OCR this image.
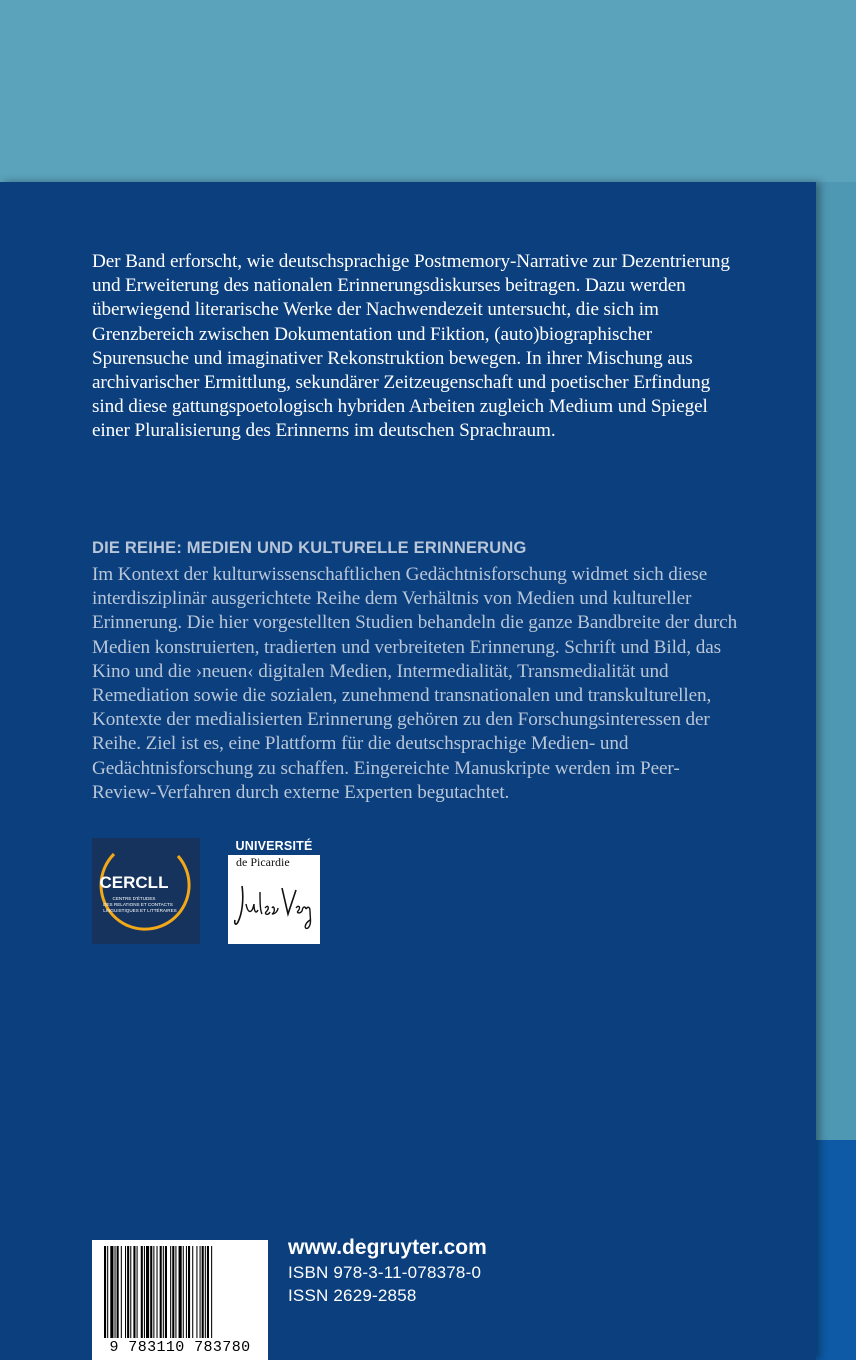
Der Band erforscht, wie deutschsprachige Postmemory-Narrative zur Dezentrierung und Erweiterung des nationalen Erinnerungsdiskurses beitragen. Dazu werden überwiegend literarische Werke der Nachwendezeit untersucht, die sich im Grenzbereich zwischen Dokumentation und Fiktion, (auto)biographischer Spurensuche und imaginativer Rekonstruktion bewegen. In ihrer Mischung aus archivarischer Ermittlung, sekundärer Zeitzeugenschaft und poetischer Erfindung sind diese gattungspoetologisch hybriden Arbeiten zugleich Medium und Spiegel einer Pluralisierung des Erinnerns im deutschen Sprachraum.

DIE REIHE: MEDIEN UND KULTURELLE ERINNERUNG

Im Kontext der kulturwissenschaftlichen Gedächtnisforschung widmet sich diese interdisziplinär ausgerichtete Reihe dem Verhältnis von Medien und kultureller Erinnerung. Die hier vorgestellten Studien behandeln die ganze Bandbreite der durch Medien konstruierten, tradierten und verbreiteten Erinnerung. Schrift und Bild, das Kino und die ›neuen‹ digitalen Medien, Intermedialität, Transmedialität und Remediation sowie die sozialen, zunehmend transnationalen und transkulturellen, Kontexte der medialisierten Erinnerung gehören zu den Forschungsinteressen der Reihe. Ziel ist es, eine Plattform für die deutschsprachige Medien- und Gedächtnisforschung zu schaffen. Eingereichte Manuskripte werden im Peer-Review-Verfahren durch externe Experten begutachtet.

CERCLL
CENTRE D'ÉTUDES
DES RELATIONS ET CONTACTS
LINGUISTIQUES ET LITTÉRAIRES
UNIVERSITÉ
de Picardie
9 783110 783780
www.degruyter.com
ISBN 978-3-11-078378-0
ISSN 2629-2858
